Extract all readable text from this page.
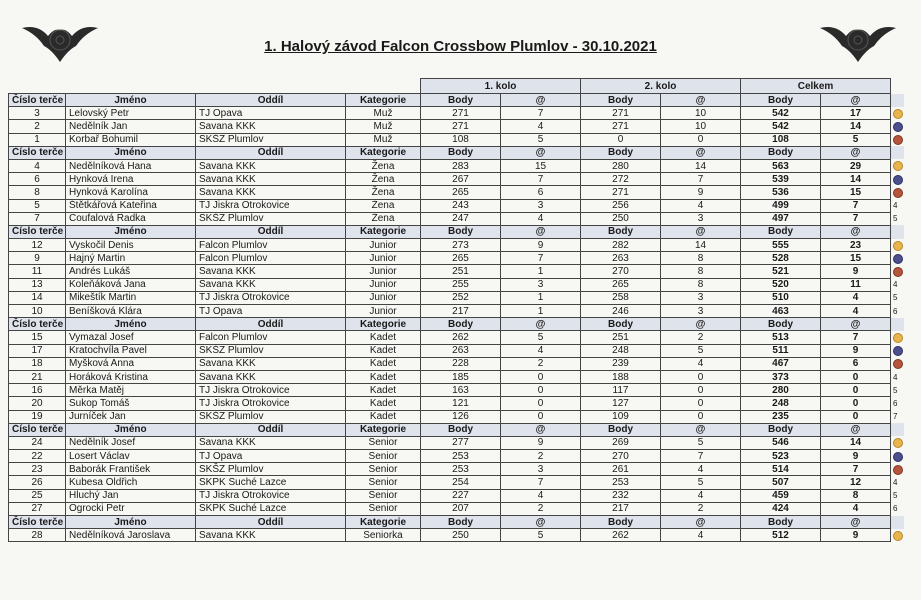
1. Halový závod Falcon Crossbow Plumlov - 30.10.2021
				1. kolo		2. kolo		Celkem		
Číslo terče	Jméno	Oddíl	Kategorie	Body	@	Body	@	Body	@	
3	Lelovský Petr	TJ Opava	Muž	271	7	271	10	542	17	
2	Nedělník Jan	Savana KKK	Muž	271	4	271	10	542	14	
1	Korbař Bohumil	SKŠZ Plumlov	Muž	108	5	0	0	108	5	
Číslo terče	Jméno	Oddíl	Kategorie	Body	@	Body	@	Body	@	
4	Nedělníková Hana	Savana KKK	Žena	283	15	280	14	563	29	
6	Hynková Irena	Savana KKK	Žena	267	7	272	7	539	14	
8	Hynková Karolína	Savana KKK	Žena	265	6	271	9	536	15	
5	Štětkářová Kateřina	TJ Jiskra Otrokovice	Žena	243	3	256	4	499	7	4
7	Coufalová Radka	SKŠZ Plumlov	Žena	247	4	250	3	497	7	5
Číslo terče	Jméno	Oddíl	Kategorie	Body	@	Body	@	Body	@	
12	Vyskočil Denis	Falcon Plumlov	Junior	273	9	282	14	555	23	
9	Hajný Martin	Falcon Plumlov	Junior	265	7	263	8	528	15	
11	Andrés Lukáš	Savana KKK	Junior	251	1	270	8	521	9	
13	Koleňáková Jana	Savana KKK	Junior	255	3	265	8	520	11	4
14	Mikeštík Martin	TJ Jiskra Otrokovice	Junior	252	1	258	3	510	4	5
10	Beníšková Klára	TJ Opava	Junior	217	1	246	3	463	4	6
Číslo terče	Jméno	Oddíl	Kategorie	Body	@	Body	@	Body	@	
15	Vymazal Josef	Falcon Plumlov	Kadet	262	5	251	2	513	7	
17	Kratochvíla Pavel	SKŠZ Plumlov	Kadet	263	4	248	5	511	9	
18	Myšková Anna	Savana KKK	Kadet	228	2	239	4	467	6	
21	Horáková Kristina	Savana KKK	Kadet	185	0	188	0	373	0	4
16	Měrka Matěj	TJ Jiskra Otrokovice	Kadet	163	0	117	0	280	0	5
20	Sukop Tomáš	TJ Jiskra Otrokovice	Kadet	121	0	127	0	248	0	6
19	Jurníček Jan	SKŠZ Plumlov	Kadet	126	0	109	0	235	0	7
Číslo terče	Jméno	Oddíl	Kategorie	Body	@	Body	@	Body	@	
24	Nedělník Josef	Savana KKK	Senior	277	9	269	5	546	14	
22	Losert Václav	TJ Opava	Senior	253	2	270	7	523	9	
23	Baborák František	SKŠZ Plumlov	Senior	253	3	261	4	514	7	
26	Kubesa Oldřich	SKPK Suché Lazce	Senior	254	7	253	5	507	12	4
25	Hluchý Jan	TJ Jiskra Otrokovice	Senior	227	4	232	4	459	8	5
27	Ogrocki Petr	SKPK Suché Lazce	Senior	207	2	217	2	424	4	6
Číslo terče	Jméno	Oddíl	Kategorie	Body	@	Body	@	Body	@	
28	Nedělníková Jaroslava	Savana KKK	Seniorka	250	5	262	4	512	9	
